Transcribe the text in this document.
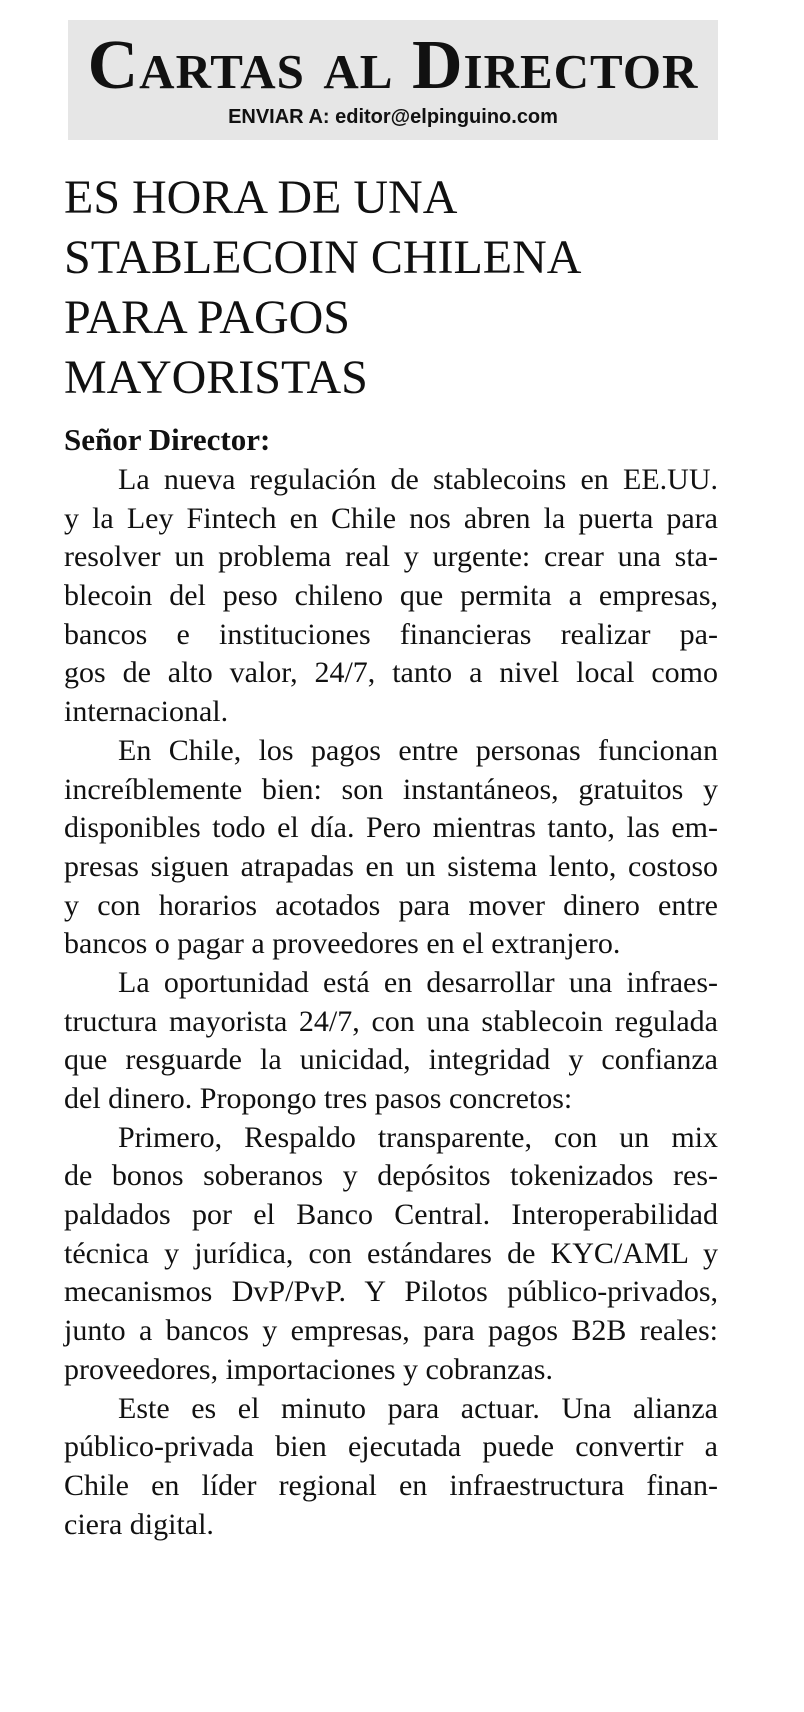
Cartas al Director
ENVIAR A: editor@elpinguino.com
ES HORA DE UNA
STABLECOIN CHILENA
PARA PAGOS
MAYORISTAS

Señor Director:

La nueva regulación de stablecoins en EE.UU.
y la Ley Fintech en Chile nos abren la puerta para
resolver un problema real y urgente: crear una sta-
blecoin del peso chileno que permita a empresas,
bancos e instituciones financieras realizar pa-
gos de alto valor, 24/7, tanto a nivel local como
internacional.
En Chile, los pagos entre personas funcionan
increíblemente bien: son instantáneos, gratuitos y
disponibles todo el día. Pero mientras tanto, las em-
presas siguen atrapadas en un sistema lento, costoso
y con horarios acotados para mover dinero entre
bancos o pagar a proveedores en el extranjero.
La oportunidad está en desarrollar una infraes-
tructura mayorista 24/7, con una stablecoin regulada
que resguarde la unicidad, integridad y confianza
del dinero. Propongo tres pasos concretos:
Primero, Respaldo transparente, con un mix
de bonos soberanos y depósitos tokenizados res-
paldados por el Banco Central. Interoperabilidad
técnica y jurídica, con estándares de KYC/AML y
mecanismos DvP/PvP. Y Pilotos público-privados,
junto a bancos y empresas, para pagos B2B reales:
proveedores, importaciones y cobranzas.
Este es el minuto para actuar. Una alianza
público-privada bien ejecutada puede convertir a
Chile en líder regional en infraestructura finan-
ciera digital.
